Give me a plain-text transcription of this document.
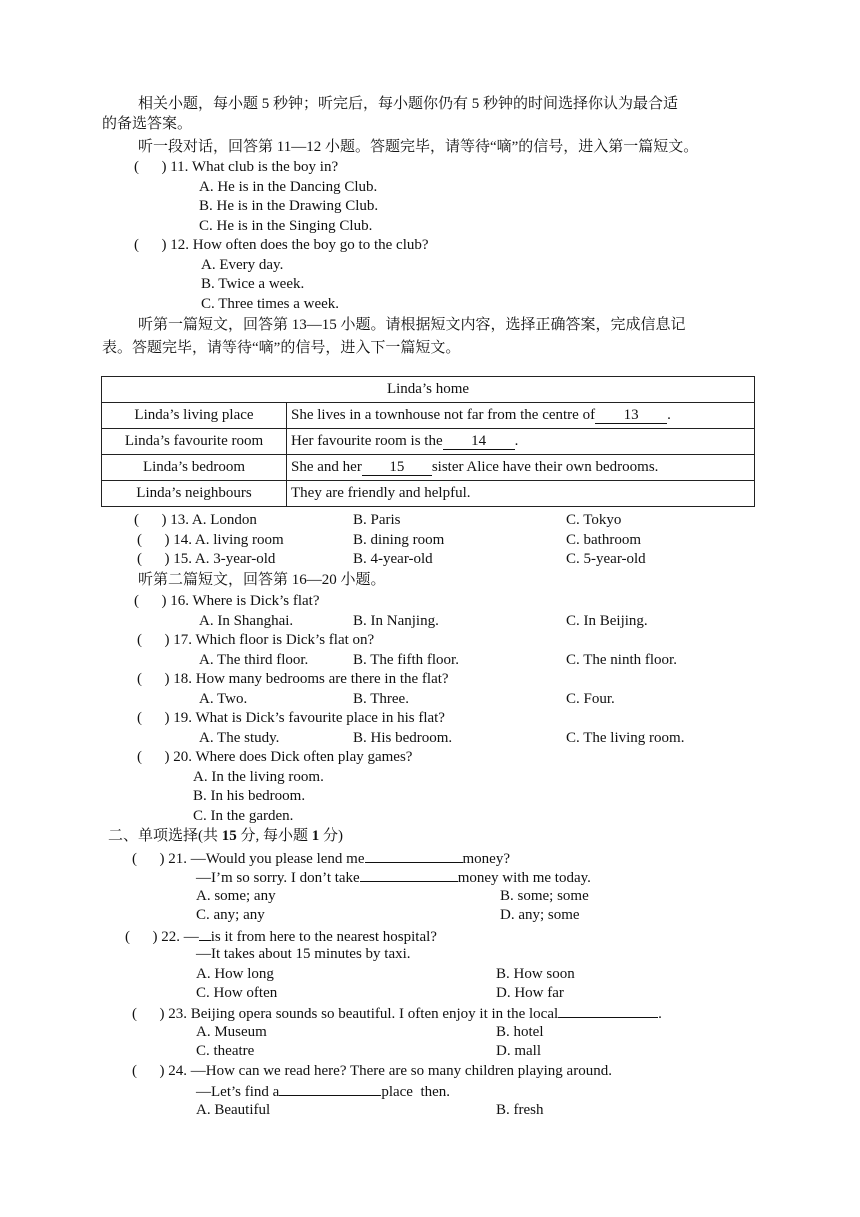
相关小题，每小题 5 秒钟；听完后，每小题你仍有 5 秒钟的时间选择你认为最合适
的备选答案。
听一段对话，回答第 11—12 小题。答题完毕，请等待“嘀”的信号，进入第一篇短文。
(      ) 11. What club is the boy in?
A. He is in the Dancing Club.
B. He is in the Drawing Club.
C. He is in the Singing Club.
(      ) 12. How often does the boy go to the club?
A. Every day.
B. Twice a week.
C. Three times a week.
听第一篇短文，回答第 13—15 小题。请根据短文内容，选择正确答案，完成信息记
表。答题完毕，请等待“嘀”的信号，进入下一篇短文。
Linda’s home	
Linda’s living place	She lives in a townhouse not far from the centre of 13 .
Linda’s favourite room	Her favourite room is the 14 .
Linda’s bedroom	She and her 15 sister Alice have their own bedrooms.
Linda’s neighbours	They are friendly and helpful.
(      ) 13. A. London	B. Paris	C. Tokyo
(      ) 14. A. living room	B. dining room	C. bathroom
(      ) 15. A. 3-year-old	B. 4-year-old	C. 5-year-old
听第二篇短文，回答第 16—20 小题。
(      ) 16. Where is Dick’s flat?
A. In Shanghai.	B. In Nanjing.	C. In Beijing.
(      ) 17. Which floor is Dick’s flat on?
A. The third floor.	B. The fifth floor.	C. The ninth floor.
(      ) 18. How many bedrooms are there in the flat?
A. Two.	B. Three.	C. Four.
(      ) 19. What is Dick’s favourite place in his flat?
A. The study.	B. His bedroom.	C. The living room.
(      ) 20. Where does Dick often play games?
A. In the living room.
B. In his bedroom.
C. In the garden.
二、单项选择(共 15 分, 每小题 1 分)
(      ) 21. —Would you please lend me	money?
—I’m so sorry. I don’t take	money with me today.
A. some; any	B. some; some
C. any; any	D. any; some
(      ) 22. — is it from here to the nearest hospital?
—It takes about 15 minutes by taxi.
A. How long	B. How soon
C. How often	D. How far
(      ) 23. Beijing opera sounds so beautiful. I often enjoy it in the local	.
A. Museum	B. hotel
C. theatre	D. mall
(      ) 24. —How can we read here? There are so many children playing around.
—Let’s find a	place  then.
A. Beautiful	B. fresh
